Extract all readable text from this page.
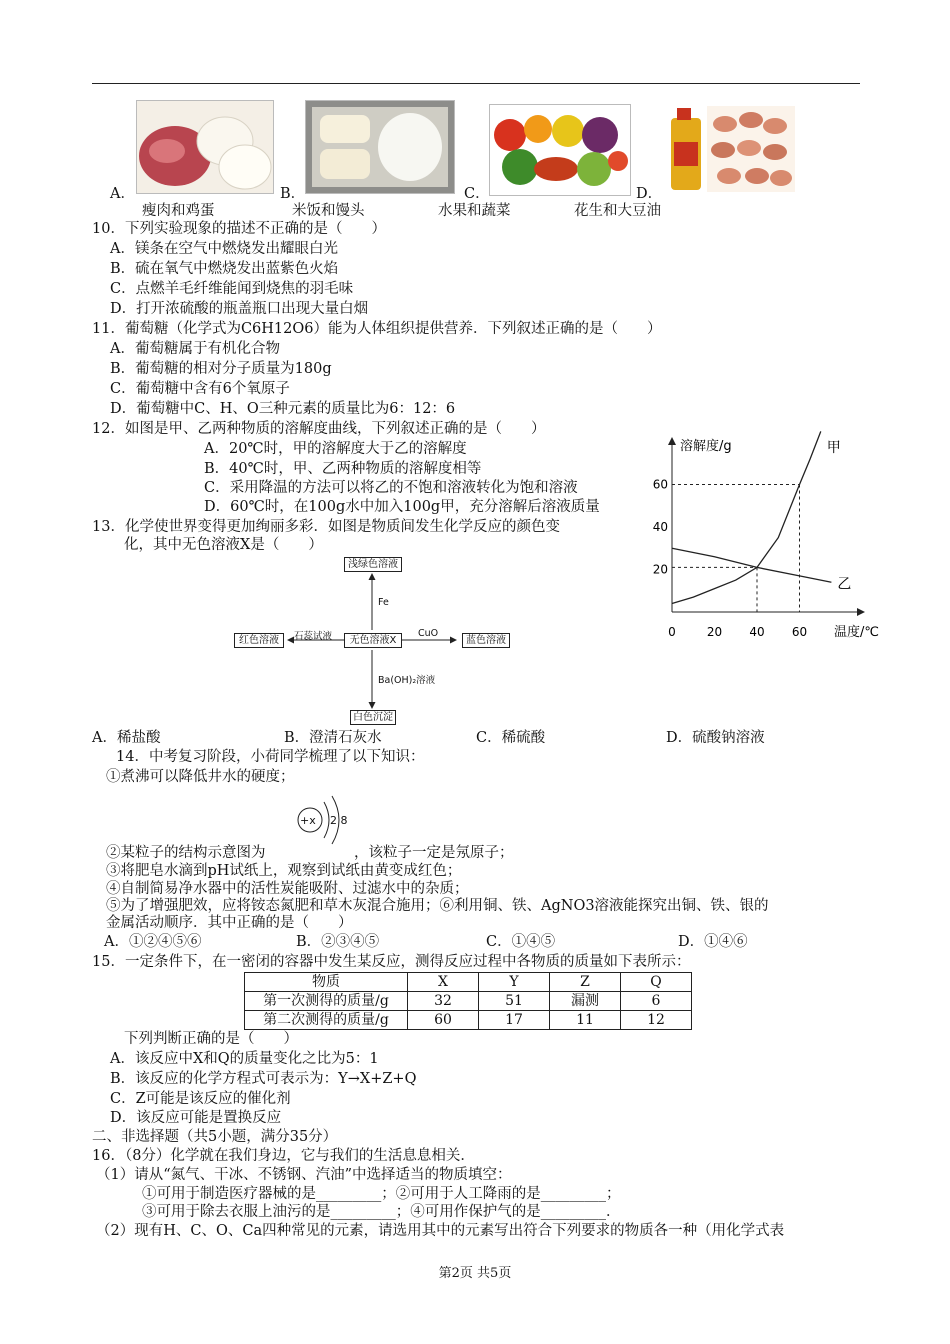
A．	B．	C．	D．
瘦肉和鸡蛋	米饭和馒头	水果和蔬菜	花生和大豆油
10．下列实验现象的描述不正确的是（　　）
A．镁条在空气中燃烧发出耀眼白光
B．硫在氧气中燃烧发出蓝紫色火焰
C．点燃羊毛纤维能闻到烧焦的羽毛味
D．打开浓硫酸的瓶盖瓶口出现大量白烟
11．葡萄糖（化学式为C6H12O6）能为人体组织提供营养．下列叙述正确的是（　　）
A．葡萄糖属于有机化合物
B．葡萄糖的相对分子质量为180g
C．葡萄糖中含有6个氧原子
D．葡萄糖中C、H、O三种元素的质量比为6：12：6
12．如图是甲、乙两种物质的溶解度曲线，下列叙述正确的是（　　）
A．20℃时，甲的溶解度大于乙的溶解度
B．40℃时，甲、乙两种物质的溶解度相等
C．采用降温的方法可以将乙的不饱和溶液转化为饱和溶液
D．60℃时，在100g水中加入100g甲，充分溶解后溶液质量
溶解度/g
温度/℃
0	20 40 60
20
40
60
甲
乙
13．化学使世界变得更加绚丽多彩．如图是物质间发生化学反应的颜色变
化，其中无色溶液X是（　　）
浅绿色溶液
Fe
无色溶液X
红色溶液	石蕊试液	蓝色溶液
CuO
Ba(OH)₂溶液
白色沉淀
A．稀盐酸	B．澄清石灰水	C．稀硫酸	D．硫酸钠溶液
14．中考复习阶段，小荷同学梳理了以下知识：
①煮沸可以降低井水的硬度；
+x 2 8
②某粒子的结构示意图为	，该粒子一定是氖原子；
③将肥皂水滴到pH试纸上，观察到试纸由黄变成红色；
④自制简易净水器中的活性炭能吸附、过滤水中的杂质；
⑤为了增强肥效，应将铵态氮肥和草木灰混合施用；⑥利用铜、铁、AgNO3溶液能探究出铜、铁、银的
金属活动顺序．其中正确的是（　　）
A．①②④⑤⑥	B．②③④⑤	C．①④⑤	D．①④⑥
15．一定条件下，在一密闭的容器中发生某反应，测得反应过程中各物质的质量如下表所示：
物质	X	Y	Z	Q
第一次测得的质量/g	32	51	漏测	6
第二次测得的质量/g	60	17	11	12
下列判断正确的是（　　）
A．该反应中X和Q的质量变化之比为5：1
B．该反应的化学方程式可表示为：Y→X+Z+Q
C．Z可能是该反应的催化剂
D．该反应可能是置换反应
二、非选择题（共5小题，满分35分）
16．（8分）化学就在我们身边，它与我们的生活息息相关．
（1）请从“氮气、干冰、不锈钢、汽油”中选择适当的物质填空：
①可用于制造医疗器械的是_________；②可用于人工降雨的是_________；
③可用于除去衣服上油污的是_________；④可用作保护气的是_________．
（2）现有H、C、O、Ca四种常见的元素，请选用其中的元素写出符合下列要求的物质各一种（用化学式表
第2页 共5页
